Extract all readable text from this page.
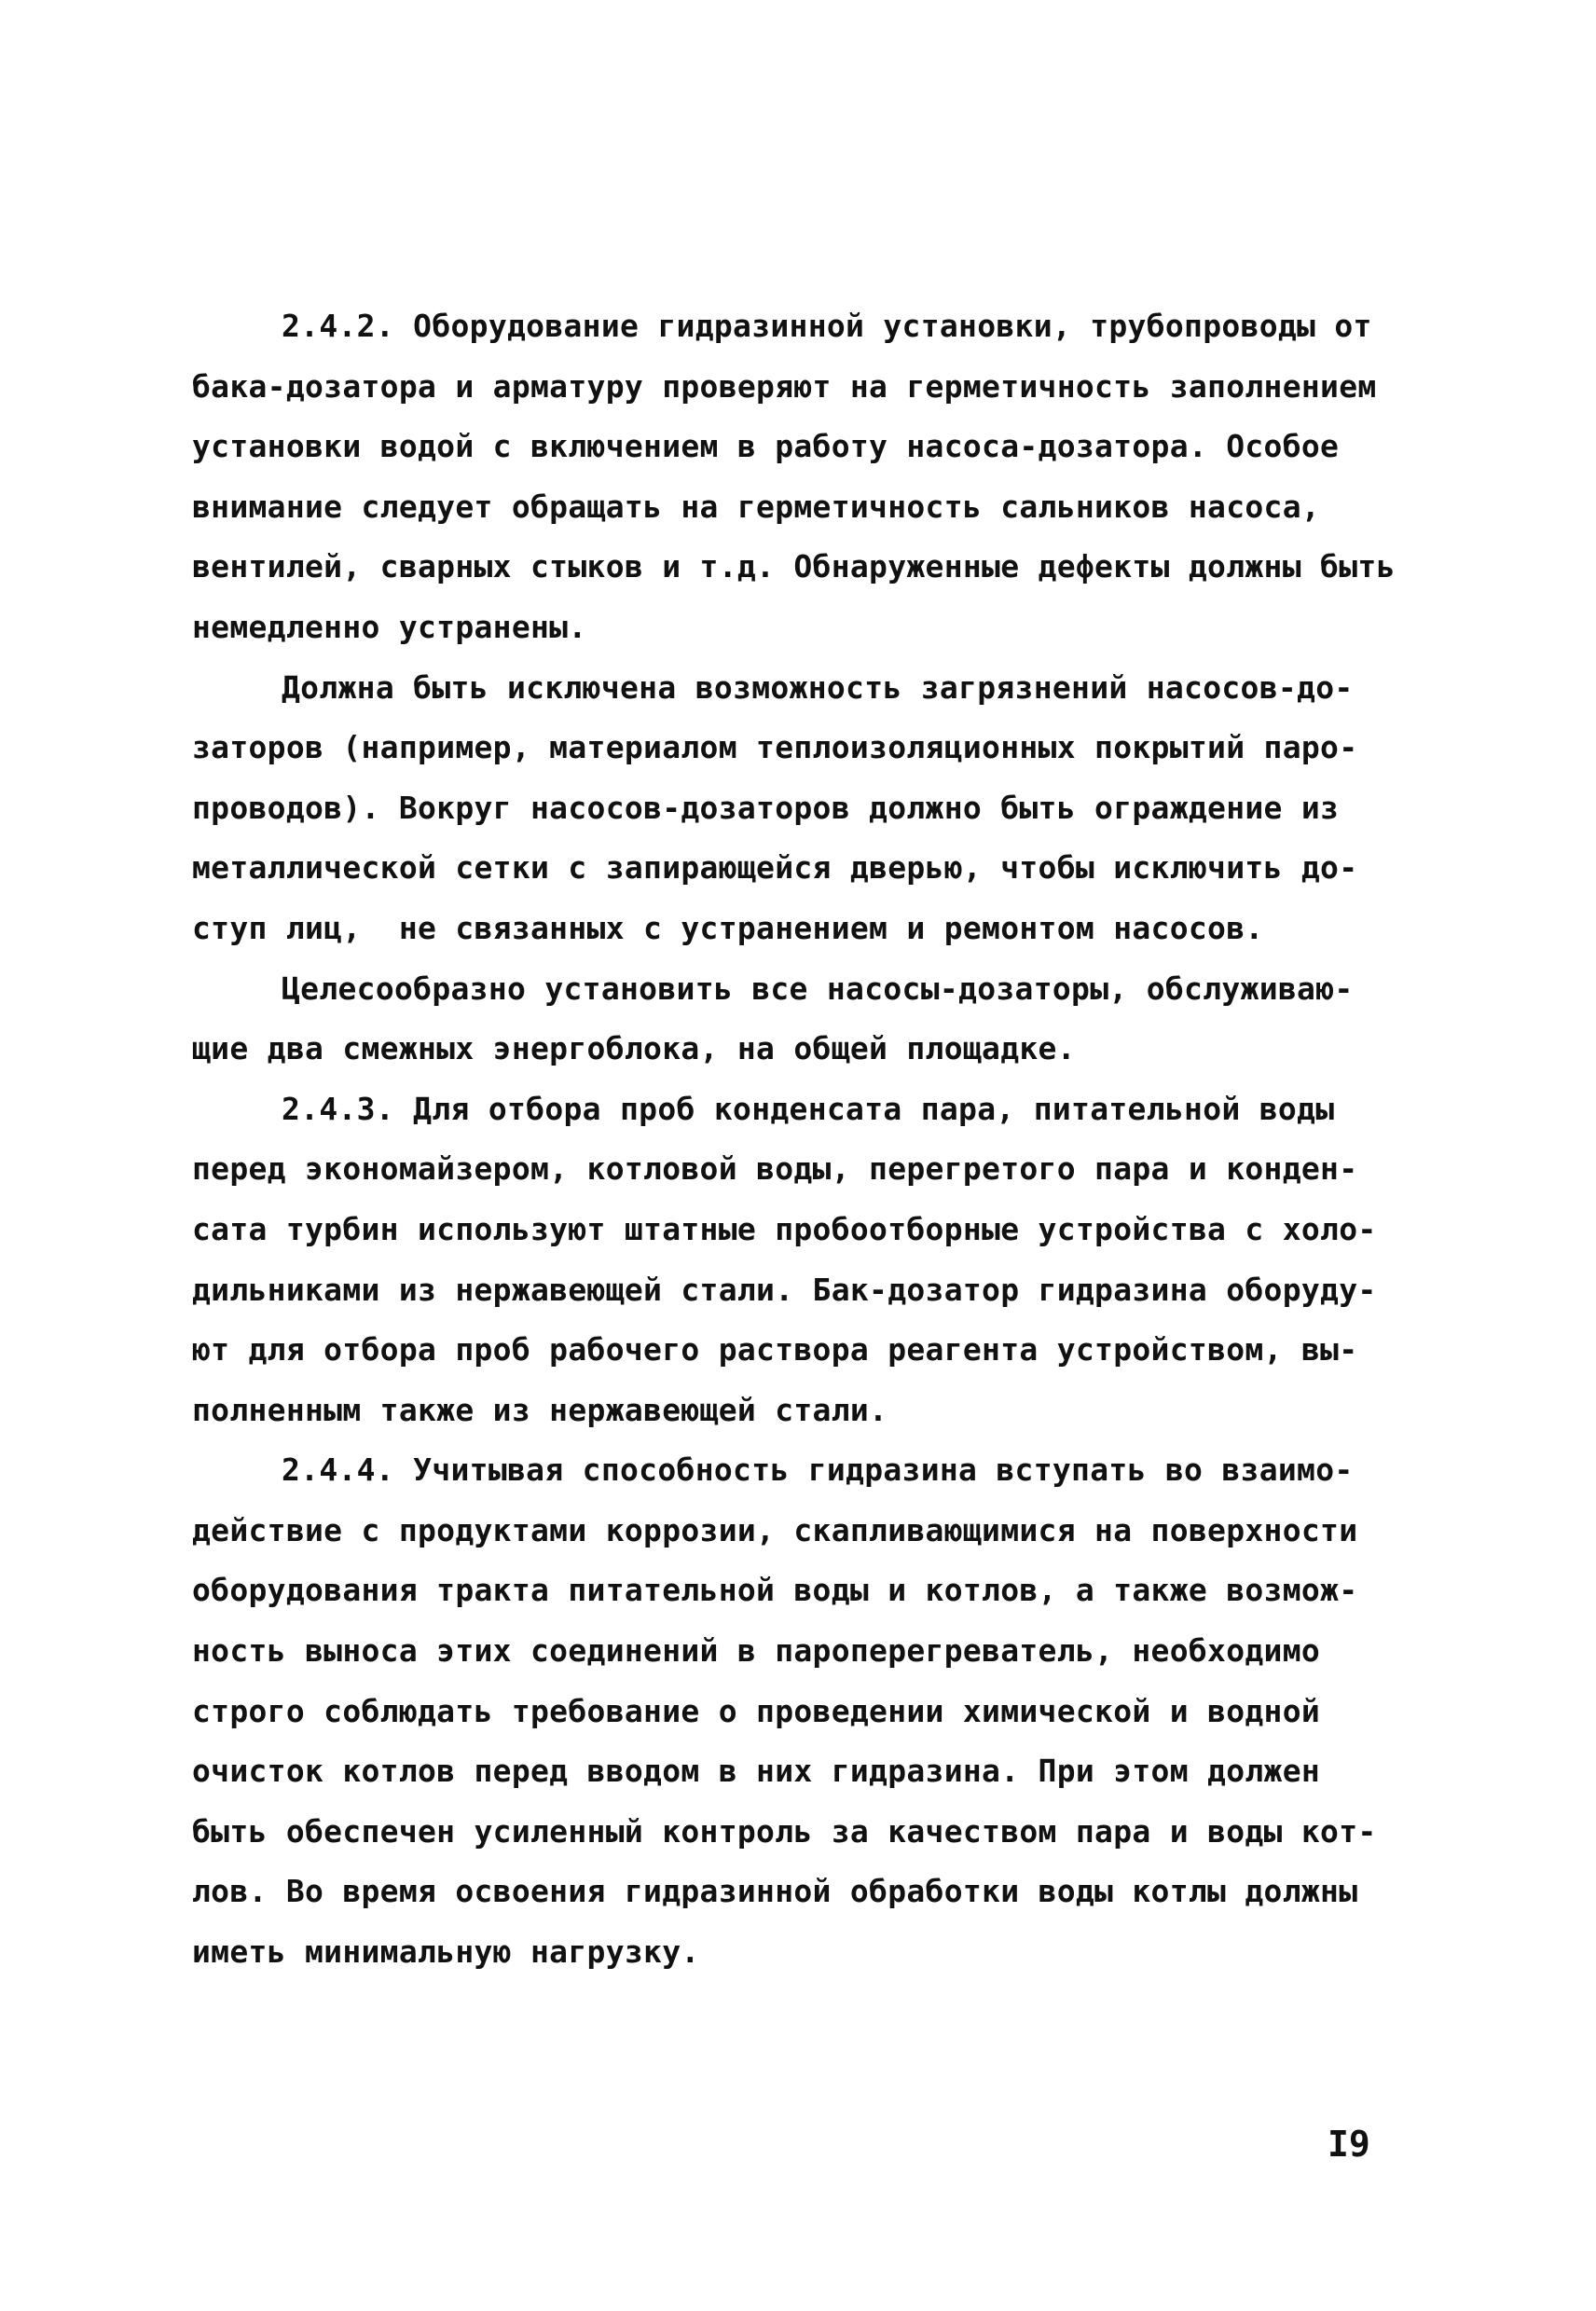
2.4.2. Оборудование гидразинной установки, трубопроводы от
бака-дозатора и арматуру проверяют на герметичность заполнением
установки водой с включением в работу насоса-дозатора. Особое
внимание следует обращать на герметичность сальников насоса,
вентилей, сварных стыков и т.д. Обнаруженные дефекты должны быть
немедленно устранены.
Должна быть исключена возможность загрязнений насосов-до-
заторов (например, материалом теплоизоляционных покрытий паро-
проводов). Вокруг насосов-дозаторов должно быть ограждение из
металлической сетки с запирающейся дверью, чтобы исключить до-
ступ лиц,  не связанных с устранением и ремонтом насосов.
Целесообразно установить все насосы-дозаторы, обслуживаю-
щие два смежных энергоблока, на общей площадке.
2.4.3. Для отбора проб конденсата пара, питательной воды
перед экономайзером, котловой воды, перегретого пара и конден-
сата турбин используют штатные пробоотборные устройства с холо-
дильниками из нержавеющей стали. Бак-дозатор гидразина оборуду-
ют для отбора проб рабочего раствора реагента устройством, вы-
полненным также из нержавеющей стали.
2.4.4. Учитывая способность гидразина вступать во взаимо-
действие с продуктами коррозии, скапливающимися на поверхности
оборудования тракта питательной воды и котлов, а также возмож-
ность выноса этих соединений в пароперегреватель, необходимо
строго соблюдать требование о проведении химической и водной
очисток котлов перед вводом в них гидразина. При этом должен
быть обеспечен усиленный контроль за качеством пара и воды кот-
лов. Во время освоения гидразинной обработки воды котлы должны
иметь минимальную нагрузку.
I9
